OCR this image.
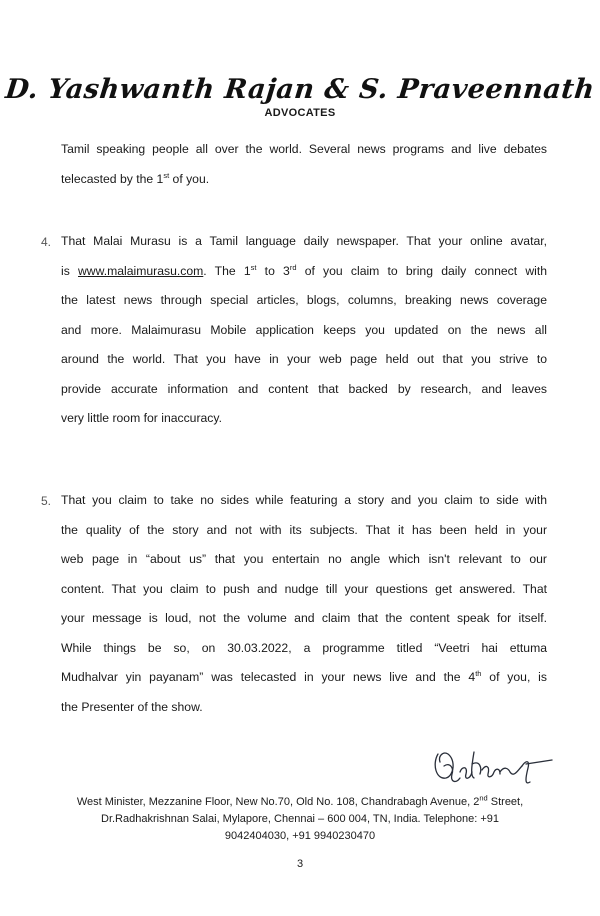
D. Yashwanth Rajan & S. Praveennath
ADVOCATES
Tamil speaking people all over the world. Several news programs and live debates
telecasted by the 1st of you.
4. That Malai Murasu is a Tamil language daily newspaper. That your online avatar,
is www.malaimurasu.com. The 1st to 3rd of you claim to bring daily connect with
the latest news through special articles, blogs, columns, breaking news coverage
and more. Malaimurasu Mobile application keeps you updated on the news all
around the world. That you have in your web page held out that you strive to
provide accurate information and content that backed by research, and leaves
very little room for inaccuracy.
5. That you claim to take no sides while featuring a story and you claim to side with
the quality of the story and not with its subjects. That it has been held in your
web page in “about us” that you entertain no angle which isn't relevant to our
content. That you claim to push and nudge till your questions get answered. That
your message is loud, not the volume and claim that the content speak for itself.
While things be so, on 30.03.2022, a programme titled “Veetri hai ettuma
Mudhalvar yin payanam” was telecasted in your news live and the 4th of you, is
the Presenter of the show.
West Minister, Mezzanine Floor, New No.70, Old No. 108, Chandrabagh Avenue, 2nd Street,
Dr.Radhakrishnan Salai, Mylapore, Chennai – 600 004, TN, India. Telephone: +91
9042404030, +91 9940230470
3
